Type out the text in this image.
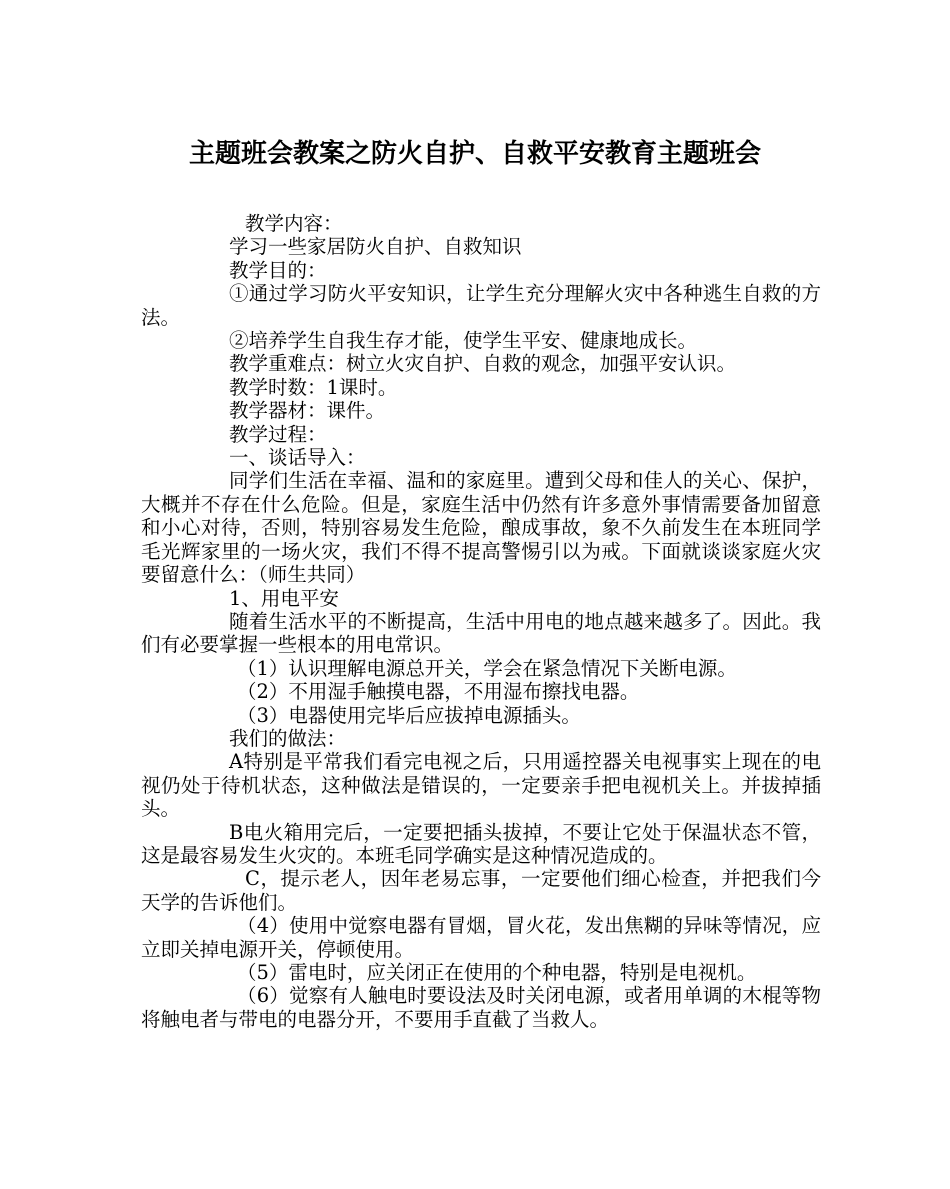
主题班会教案之防火自护、自救平安教育主题班会

教学内容：

学习一些家居防火自护、自救知识

教学目的：

①通过学习防火平安知识，让学生充分理解火灾中各种逃生自救的方法。

②培养学生自我生存才能，使学生平安、健康地成长。

教学重难点：树立火灾自护、自救的观念，加强平安认识。

教学时数：1课时。

教学器材：课件。

教学过程：

一、谈话导入：

同学们生活在幸福、温和的家庭里。遭到父母和佳人的关心、保护，大概并不存在什么危险。但是，家庭生活中仍然有许多意外事情需要备加留意和小心对待，否则，特别容易发生危险，酿成事故，象不久前发生在本班同学毛光辉家里的一场火灾，我们不得不提高警惕引以为戒。下面就谈谈家庭火灾要留意什么：（师生共同）

1、用电平安

随着生活水平的不断提高，生活中用电的地点越来越多了。因此。我们有必要掌握一些根本的用电常识。

（1）认识理解电源总开关，学会在紧急情况下关断电源。

（2）不用湿手触摸电器，不用湿布擦找电器。

（3）电器使用完毕后应拔掉电源插头。

我们的做法：

A特别是平常我们看完电视之后，只用遥控器关电视事实上现在的电视仍处于待机状态，这种做法是错误的，一定要亲手把电视机关上。并拔掉插头。

B电火箱用完后，一定要把插头拔掉，不要让它处于保温状态不管，这是最容易发生火灾的。本班毛同学确实是这种情况造成的。

C，提示老人，因年老易忘事，一定要他们细心检查，并把我们今天学的告诉他们。

（4）使用中觉察电器有冒烟，冒火花，发出焦糊的异味等情况，应立即关掉电源开关，停顿使用。

（5）雷电时，应关闭正在使用的个种电器，特别是电视机。

（6）觉察有人触电时要设法及时关闭电源，或者用单调的木棍等物将触电者与带电的电器分开，不要用手直截了当救人。
